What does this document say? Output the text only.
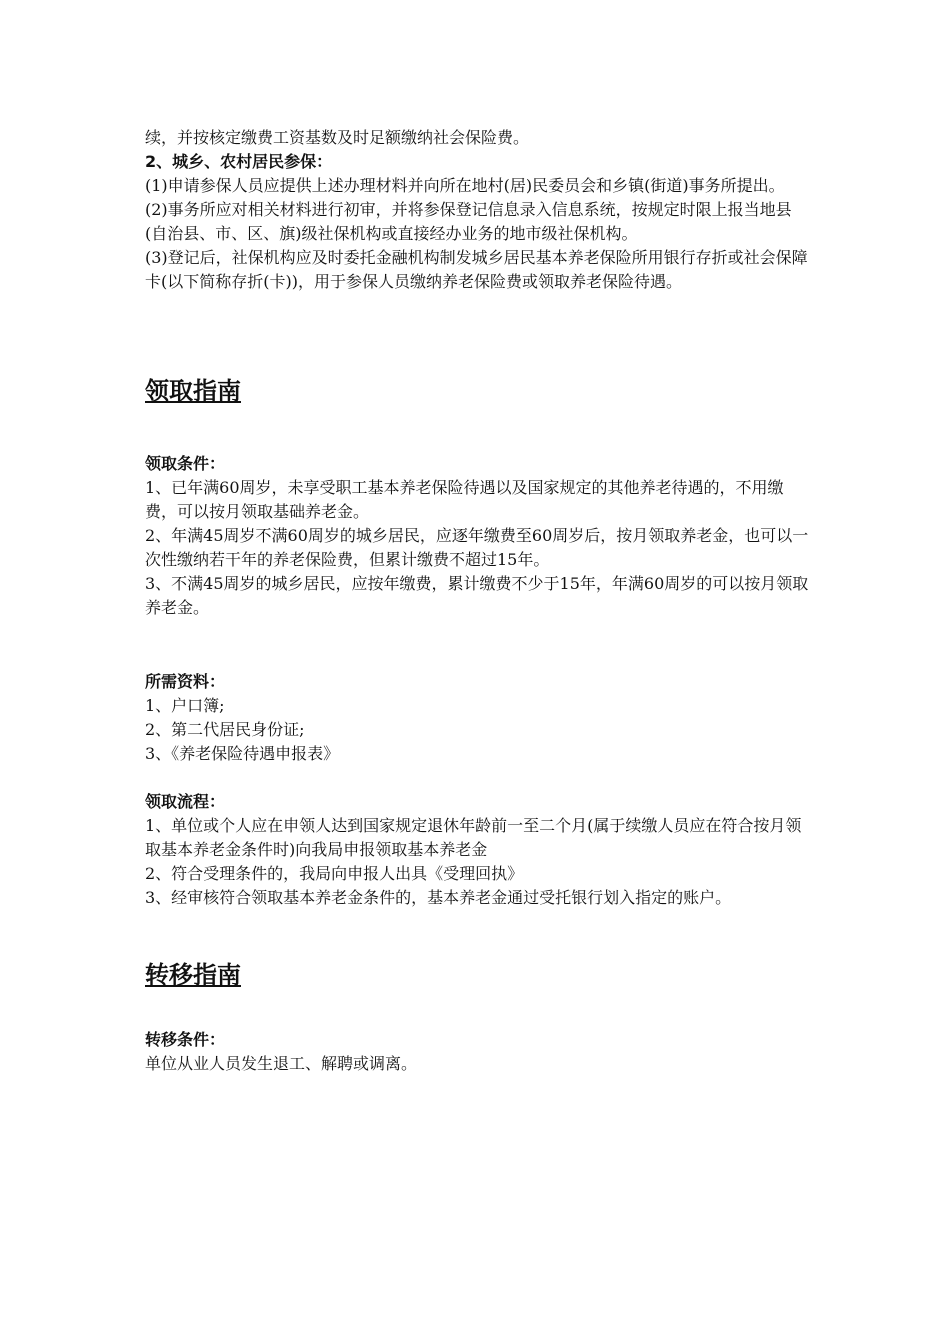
续，并按核定缴费工资基数及时足额缴纳社会保险费。

2、城乡、农村居民参保：

(1)申请参保人员应提供上述办理材料并向所在地村(居)民委员会和乡镇(街道)事务所提出。

(2)事务所应对相关材料进行初审，并将参保登记信息录入信息系统，按规定时限上报当地县(自治县、市、区、旗)级社保机构或直接经办业务的地市级社保机构。

(3)登记后，社保机构应及时委托金融机构制发城乡居民基本养老保险所用银行存折或社会保障卡(以下简称存折(卡))，用于参保人员缴纳养老保险费或领取养老保险待遇。

领取指南

领取条件：

1、已年满60周岁，未享受职工基本养老保险待遇以及国家规定的其他养老待遇的，不用缴费，可以按月领取基础养老金。

2、年满45周岁不满60周岁的城乡居民，应逐年缴费至60周岁后，按月领取养老金，也可以一次性缴纳若干年的养老保险费，但累计缴费不超过15年。

3、不满45周岁的城乡居民，应按年缴费，累计缴费不少于15年，年满60周岁的可以按月领取养老金。

所需资料：

1、户口簿;

2、第二代居民身份证;

3、《养老保险待遇申报表》

领取流程：

1、单位或个人应在申领人达到国家规定退休年龄前一至二个月(属于续缴人员应在符合按月领取基本养老金条件时)向我局申报领取基本养老金

2、符合受理条件的，我局向申报人出具《受理回执》

3、经审核符合领取基本养老金条件的，基本养老金通过受托银行划入指定的账户。

转移指南

转移条件：

单位从业人员发生退工、解聘或调离。
